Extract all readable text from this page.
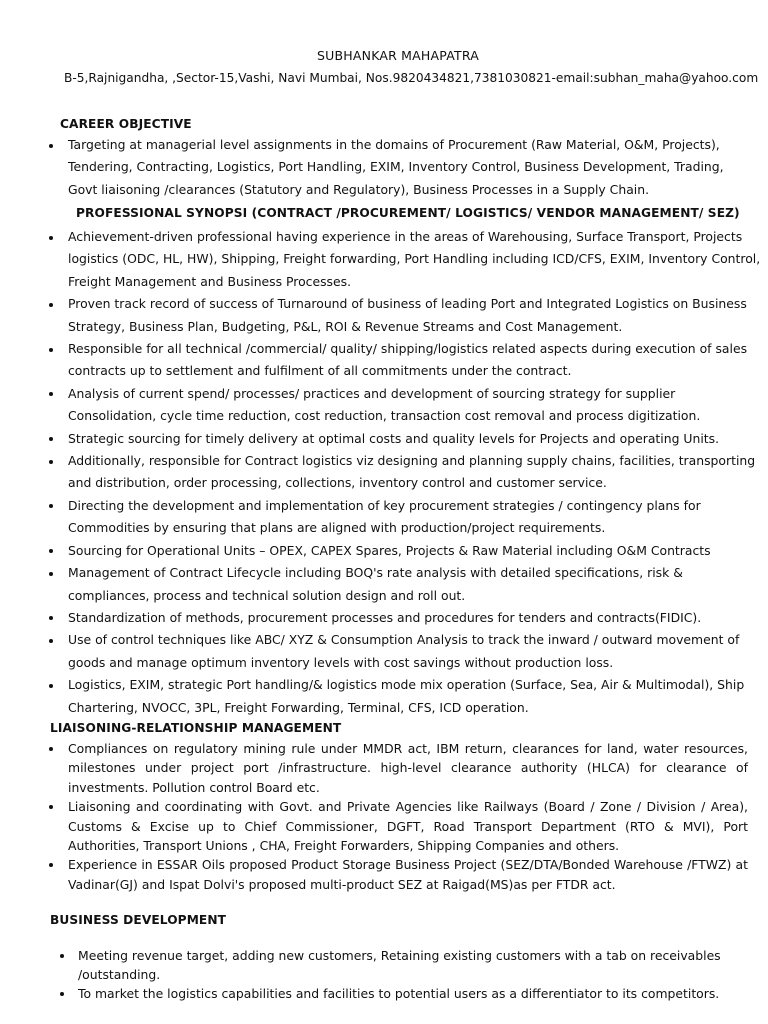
SUBHANKAR MAHAPATRA
B-5,Rajnigandha, ,Sector-15,Vashi, Navi Mumbai, Nos.9820434821,7381030821-email:subhan_maha@yahoo.com
CAREER OBJECTIVE
Targeting at managerial level assignments in the domains of Procurement (Raw Material, O&M, Projects), Tendering, Contracting, Logistics, Port Handling, EXIM, Inventory Control, Business Development, Trading, Govt liaisoning /clearances (Statutory and Regulatory), Business Processes in a Supply Chain.
PROFESSIONAL SYNOPSI (CONTRACT /PROCUREMENT/ LOGISTICS/ VENDOR MANAGEMENT/ SEZ)
Achievement-driven professional having experience in the areas of Warehousing, Surface Transport, Projects logistics (ODC, HL, HW), Shipping, Freight forwarding, Port Handling including ICD/CFS, EXIM, Inventory Control, Freight Management and Business Processes.
Proven track record of success of Turnaround of business of leading Port and Integrated Logistics on Business Strategy, Business Plan, Budgeting, P&L, ROI & Revenue Streams and Cost Management.
Responsible for all technical /commercial/ quality/ shipping/logistics related aspects during execution of sales contracts up to settlement and fulfilment of all commitments under the contract.
Analysis of current spend/ processes/ practices and development of sourcing strategy for supplier Consolidation, cycle time reduction, cost reduction, transaction cost removal and process digitization.
Strategic sourcing for timely delivery at optimal costs and quality levels for Projects and operating Units.
Additionally, responsible for Contract logistics viz designing and planning supply chains, facilities, transporting and distribution, order processing, collections, inventory control and customer service.
Directing the development and implementation of key procurement strategies / contingency plans for Commodities by ensuring that plans are aligned with production/project requirements.
Sourcing for Operational Units – OPEX, CAPEX Spares, Projects & Raw Material including O&M Contracts
Management of Contract Lifecycle including BOQ's rate analysis with detailed specifications, risk & compliances, process and technical solution design and roll out.
Standardization of methods, procurement processes and procedures for tenders and contracts(FIDIC).
Use of control techniques like ABC/ XYZ & Consumption Analysis to track the inward / outward movement of goods and manage optimum inventory levels with cost savings without production loss.
Logistics, EXIM, strategic Port handling/& logistics mode mix operation (Surface, Sea, Air & Multimodal), Ship Chartering, NVOCC, 3PL, Freight Forwarding, Terminal, CFS, ICD operation.
LIAISONING-RELATIONSHIP MANAGEMENT
Compliances on regulatory mining rule under MMDR act, IBM return, clearances for land, water resources, milestones under project port /infrastructure. high-level clearance authority (HLCA) for clearance of investments. Pollution control Board etc.
Liaisoning and coordinating with Govt. and Private Agencies like Railways (Board / Zone / Division / Area), Customs & Excise up to Chief Commissioner, DGFT, Road Transport Department (RTO & MVI), Port Authorities, Transport Unions , CHA, Freight Forwarders, Shipping Companies and others.
Experience in ESSAR Oils proposed Product Storage Business Project (SEZ/DTA/Bonded Warehouse /FTWZ) at Vadinar(GJ) and Ispat Dolvi's proposed multi-product SEZ at Raigad(MS)as per FTDR act.
BUSINESS DEVELOPMENT
Meeting revenue target, adding new customers, Retaining existing customers with a tab on receivables /outstanding.
To market the logistics capabilities and facilities to potential users as a differentiator to its competitors.
